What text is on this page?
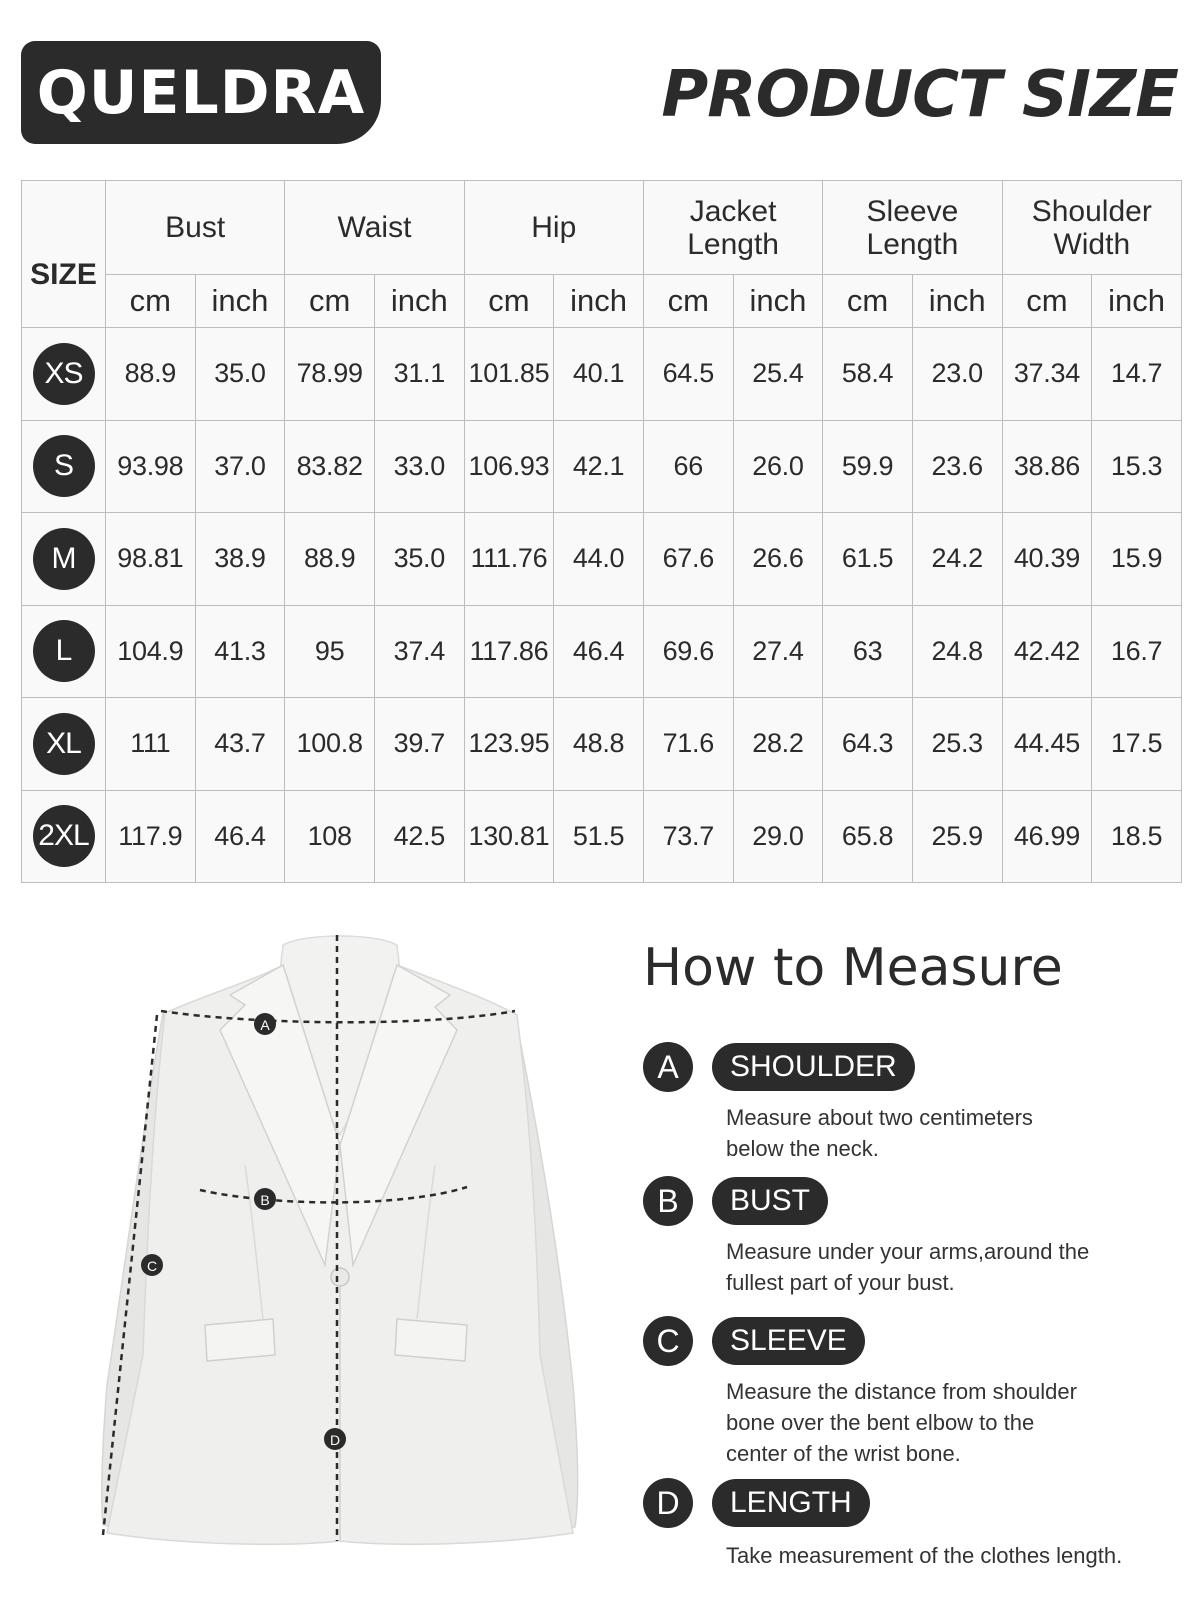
QUELDRA	PRODUCT SIZE
SIZE	Bust		Waist		Hip		Jacket Length		Sleeve Length		Shoulder Width	

	cm	inch	cm	inch	cm	inch	cm	inch	cm	inch	cm	inch
XS	88.9	35.0	78.99	31.1	101.85	40.1	64.5	25.4	58.4	23.0	37.34	14.7
S	93.98	37.0	83.82	33.0	106.93	42.1	66	26.0	59.9	23.6	38.86	15.3
M	98.81	38.9	88.9	35.0	111.76	44.0	67.6	26.6	61.5	24.2	40.39	15.9
L	104.9	41.3	95	37.4	117.86	46.4	69.6	27.4	63	24.8	42.42	16.7
XL	111	43.7	100.8	39.7	123.95	48.8	71.6	28.2	64.3	25.3	44.45	17.5
2XL	117.9	46.4	108	42.5	130.81	51.5	73.7	29.0	65.8	25.9	46.99	18.5
A
B
C
D
How to Measure
A	SHOULDER
Measure about two centimeters
below the neck.
B	BUST
Measure under your arms,around the
fullest part of your bust.
C	SLEEVE
Measure the distance from shoulder
bone over the bent elbow to the
center of the wrist bone.
D	LENGTH
Take measurement of the clothes length.
